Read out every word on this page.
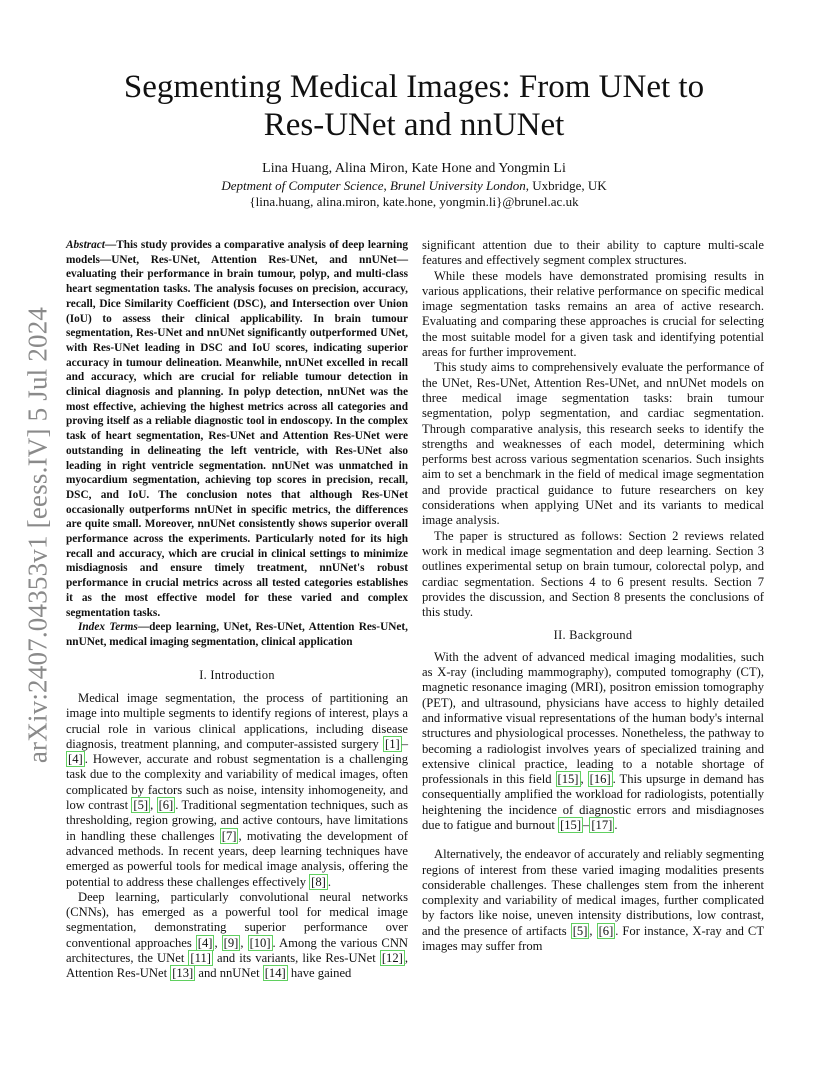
arXiv:2407.04353v1 [eess.IV] 5 Jul 2024
Segmenting Medical Images: From UNet to
Res-UNet and nnUNet
Lina Huang, Alina Miron, Kate Hone and Yongmin Li
Deptment of Computer Science, Brunel University London, Uxbridge, UK
{lina.huang, alina.miron, kate.hone, yongmin.li}@brunel.ac.uk

Abstract—This study provides a comparative analysis of deep learning models—UNet, Res-UNet, Attention Res-UNet, and nnUNet—evaluating their performance in brain tumour, polyp, and multi-class heart segmentation tasks. The analysis focuses on precision, accuracy, recall, Dice Similarity Coefficient (DSC), and Intersection over Union (IoU) to assess their clinical applicability. In brain tumour segmentation, Res-UNet and nnUNet significantly outperformed UNet, with Res-UNet leading in DSC and IoU scores, indicating superior accuracy in tumour delineation. Meanwhile, nnUNet excelled in recall and accuracy, which are crucial for reliable tumour detection in clinical diagnosis and planning. In polyp detection, nnUNet was the most effective, achieving the highest metrics across all categories and proving itself as a reliable diagnostic tool in endoscopy. In the complex task of heart segmentation, Res-UNet and Attention Res-UNet were outstanding in delineating the left ventricle, with Res-UNet also leading in right ventricle segmentation. nnUNet was unmatched in myocardium segmentation, achieving top scores in precision, recall, DSC, and IoU. The conclusion notes that although Res-UNet occasionally outperforms nnUNet in specific metrics, the differences are quite small. Moreover, nnUNet consistently shows superior overall performance across the experiments. Particularly noted for its high recall and accuracy, which are crucial in clinical settings to minimize misdiagnosis and ensure timely treatment, nnUNet's robust performance in crucial metrics across all tested categories establishes it as the most effective model for these varied and complex segmentation tasks.

Index Terms—deep learning, UNet, Res-UNet, Attention Res-UNet, nnUNet, medical imaging segmentation, clinical application

I. Introduction

Medical image segmentation, the process of partitioning an image into multiple segments to identify regions of interest, plays a crucial role in various clinical applications, including disease diagnosis, treatment planning, and computer-assisted surgery [1] –[4] . However, accurate and robust segmentation is a challenging task due to the complexity and variability of medical images, often complicated by factors such as noise, intensity inhomogeneity, and low contrast [5] , [6] . Traditional segmentation techniques, such as thresholding, region growing, and active contours, have limitations in handling these challenges [7] , motivating the development of advanced methods. In recent years, deep learning techniques have emerged as powerful tools for medical image analysis, offering the potential to address these challenges effectively [8] .

Deep learning, particularly convolutional neural networks (CNNs), has emerged as a powerful tool for medical image segmentation, demonstrating superior performance over conventional approaches [4] , [9] , [10] . Among the various CNN architectures, the UNet [11] and its variants, like Res-UNet [12] , Attention Res-UNet [13] and nnUNet [14] have gained

significant attention due to their ability to capture multi-scale features and effectively segment complex structures.

While these models have demonstrated promising results in various applications, their relative performance on specific medical image segmentation tasks remains an area of active research. Evaluating and comparing these approaches is crucial for selecting the most suitable model for a given task and identifying potential areas for further improvement.

This study aims to comprehensively evaluate the performance of the UNet, Res-UNet, Attention Res-UNet, and nnUNet models on three medical image segmentation tasks: brain tumour segmentation, polyp segmentation, and cardiac segmentation. Through comparative analysis, this research seeks to identify the strengths and weaknesses of each model, determining which performs best across various segmentation scenarios. Such insights aim to set a benchmark in the field of medical image segmentation and provide practical guidance to future researchers on key considerations when applying UNet and its variants to medical image analysis.

The paper is structured as follows: Section 2 reviews related work in medical image segmentation and deep learning. Section 3 outlines experimental setup on brain tumour, colorectal polyp, and cardiac segmentation. Sections 4 to 6 present results. Section 7 provides the discussion, and Section 8 presents the conclusions of this study.

II. Background

With the advent of advanced medical imaging modalities, such as X-ray (including mammography), computed tomography (CT), magnetic resonance imaging (MRI), positron emission tomography (PET), and ultrasound, physicians have access to highly detailed and informative visual representations of the human body's internal structures and physiological processes. Nonetheless, the pathway to becoming a radiologist involves years of specialized training and extensive clinical practice, leading to a notable shortage of professionals in this field [15] , [16] . This upsurge in demand has consequentially amplified the workload for radiologists, potentially heightening the incidence of diagnostic errors and misdiagnoses due to fatigue and burnout [15] – [17] .

Alternatively, the endeavor of accurately and reliably segmenting regions of interest from these varied imaging modalities presents considerable challenges. These challenges stem from the inherent complexity and variability of medical images, further complicated by factors like noise, uneven intensity distributions, low contrast, and the presence of artifacts [5] , [6] . For instance, X-ray and CT images may suffer from
